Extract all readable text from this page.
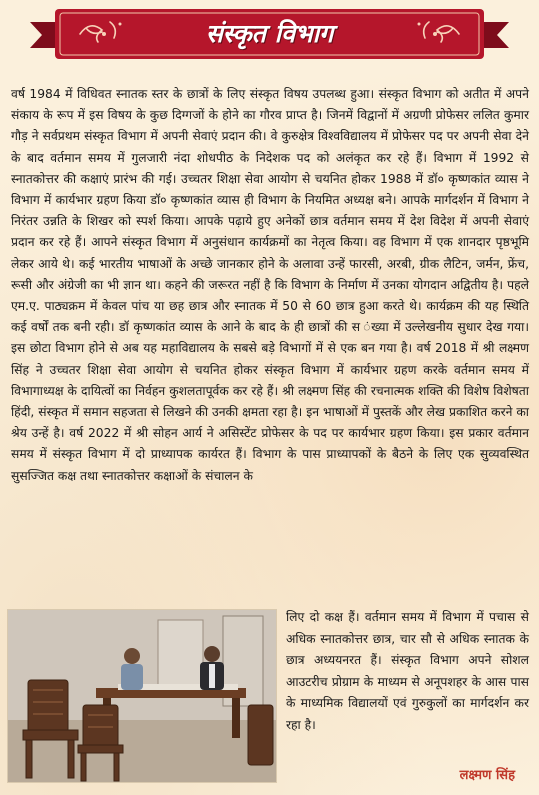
संस्कृत विभाग

वर्ष 1984 में विधिवत स्नातक स्तर के छात्रों के लिए संस्कृत विषय उपलब्ध हुआ। संस्कृत विभाग को अतीत में अपने संकाय के रूप में इस विषय के कुछ दिग्गजों के होने का गौरव प्राप्त है। जिनमें विद्वानों में अग्रणी प्रोफेसर ललित कुमार गौड़ ने सर्वप्रथम संस्कृत विभाग में अपनी सेवाएं प्रदान की। वे कुरुक्षेत्र विश्वविद्यालय में प्रोफेसर पद पर अपनी सेवा देने के बाद वर्तमान समय में गुलजारी नंदा शोधपीठ के निदेशक पद को अलंकृत कर रहे हैं। विभाग में 1992 से स्नातकोत्तर की कक्षाएं प्रारंभ की गई। उच्चतर शिक्षा सेवा आयोग से चयनित होकर 1988 में डॉ० कृष्णकांत व्यास ने विभाग में कार्यभार ग्रहण किया डॉ० कृष्णकांत व्यास ही विभाग के नियमित अध्यक्ष बने। आपके मार्गदर्शन में विभाग ने निरंतर उन्नति के शिखर को स्पर्श किया। आपके पढ़ाये हुए अनेकों छात्र वर्तमान समय में देश विदेश में अपनी सेवाएं प्रदान कर रहे हैं। आपने संस्कृत विभाग में अनुसंधान कार्यक्रमों का नेतृत्व किया। वह विभाग में एक शानदार पृष्ठभूमि लेकर आये थे। कई भारतीय भाषाओं के अच्छे जानकार होने के अलावा उन्हें फारसी, अरबी, ग्रीक लैटिन, जर्मन, फ्रेंच, रूसी और अंग्रेजी का भी ज्ञान था। कहने की जरूरत नहीं है कि विभाग के निर्माण में उनका योगदान अद्वितीय है। पहले एम.ए. पाठ्यक्रम में केवल पांच या छह छात्र और स्नातक में 50 से 60 छात्र हुआ करते थे। कार्यक्रम की यह स्थिति कई वर्षों तक बनी रही। डॉ कृष्णकांत व्यास के आने के बाद के ही छात्रों की स ंख्या में उल्लेखनीय सुधार देख गया। इस छोटा विभाग होने से अब यह महाविद्यालय के सबसे बड़े विभागों में से एक बन गया है। वर्ष 2018 में श्री लक्ष्मण सिंह ने उच्चतर शिक्षा सेवा आयोग से चयनित होकर संस्कृत विभाग में कार्यभार ग्रहण करके वर्तमान समय में विभागाध्यक्ष के दायित्वों का निर्वहन कुशलतापूर्वक कर रहे हैं। श्री लक्ष्मण सिंह की रचनात्मक शक्ति की विशेष विशेषता हिंदी, संस्कृत में समान सहजता से लिखने की उनकी क्षमता रहा है। इन भाषाओं में पुस्तकें और लेख प्रकाशित करने का श्रेय उन्हें है। वर्ष 2022 में श्री सोहन आर्य ने असिस्टेंट प्रोफेसर के पद पर कार्यभार ग्रहण किया। इस प्रकार वर्तमान समय में संस्कृत विभाग में दो प्राध्यापक कार्यरत हैं। विभाग के पास प्राध्यापकों के बैठने के लिए एक सुव्यवस्थित सुसज्जित कक्ष तथा स्नातकोत्तर कक्षाओं के संचालन के

लिए दो कक्ष हैं। वर्तमान समय में विभाग में पचास से अधिक स्नातकोत्तर छात्र, चार सौ से अधिक स्नातक के छात्र अध्ययनरत हैं। संस्कृत विभाग अपने सोशल आउटरीच प्रोग्राम के माध्यम से अनूपशहर के आस पास के माध्यमिक विद्यालयों एवं गुरुकुलों का मार्गदर्शन कर रहा है।

लक्ष्मण सिंह
